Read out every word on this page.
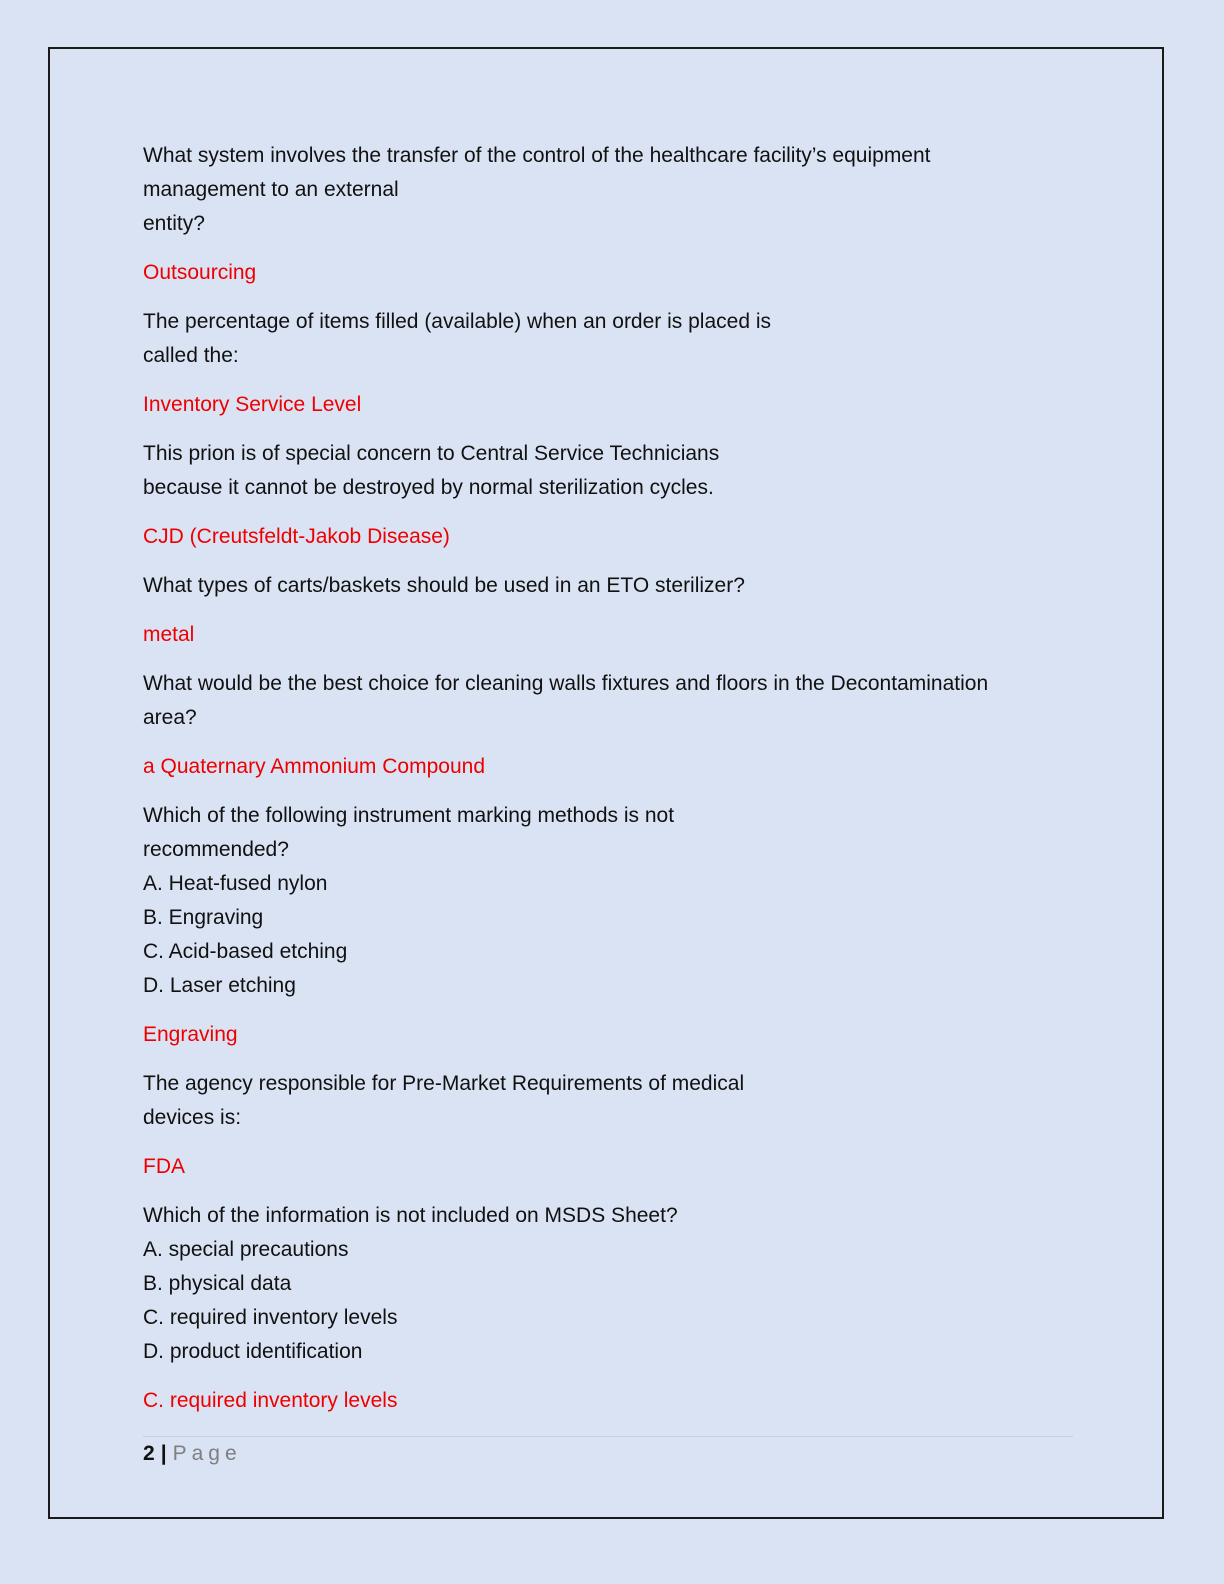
What system involves the transfer of the control of the healthcare facility’s equipment
management to an external
entity?
Outsourcing
The percentage of items filled (available) when an order is placed is
called the:
Inventory Service Level
This prion is of special concern to Central Service Technicians
because it cannot be destroyed by normal sterilization cycles.
CJD (Creutsfeldt-Jakob Disease)
What types of carts/baskets should be used in an ETO sterilizer?
metal
What would be the best choice for cleaning walls fixtures and floors in the Decontamination
area?
a Quaternary Ammonium Compound
Which of the following instrument marking methods is not
recommended?
A. Heat-fused nylon
B. Engraving
C. Acid-based etching
D. Laser etching
Engraving
The agency responsible for Pre-Market Requirements of medical
devices is:
FDA
Which of the information is not included on MSDS Sheet?
A. special precautions
B. physical data
C. required inventory levels
D. product identification
C. required inventory levels
2 | Page
